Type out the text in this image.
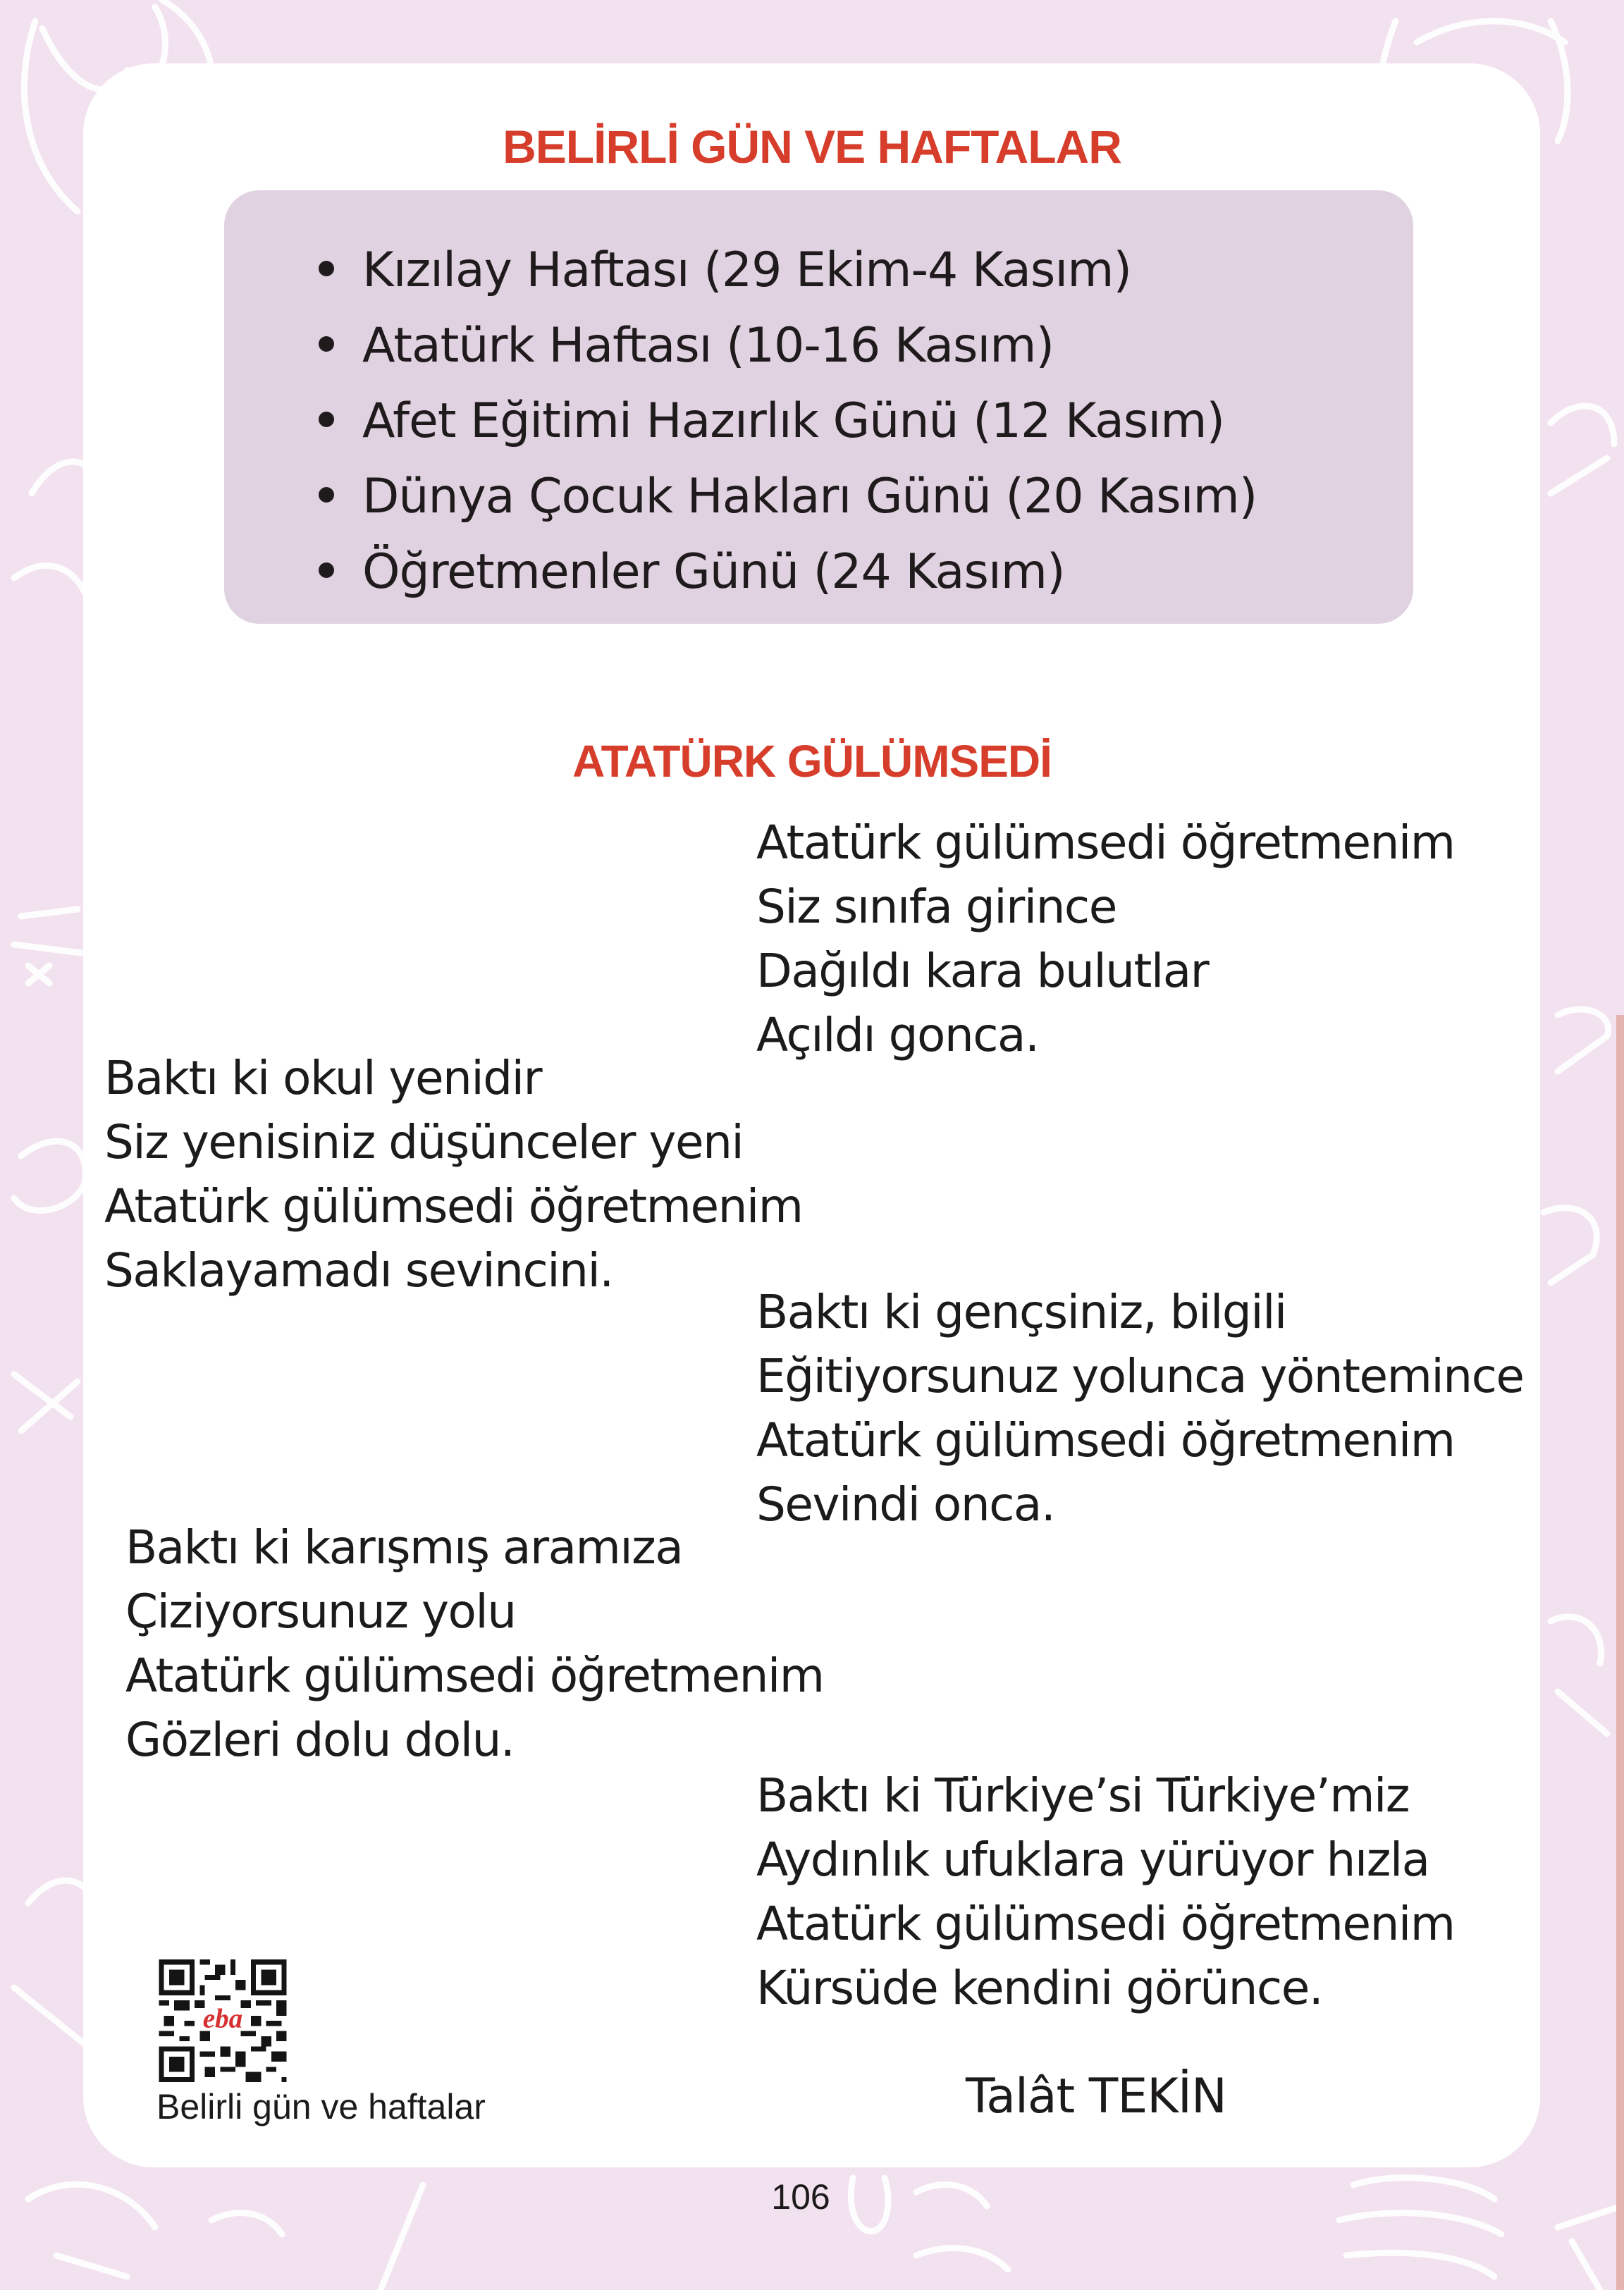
BELİRLİ GÜN VE HAFTALAR
Kızılay Haftası (29 Ekim-4 Kasım)
Atatürk Haftası (10-16 Kasım)
Afet Eğitimi Hazırlık Günü (12 Kasım)
Dünya Çocuk Hakları Günü (20 Kasım)
Öğretmenler Günü (24 Kasım)
ATATÜRK GÜLÜMSEDİ
Atatürk gülümsedi öğretmenim
Siz sınıfa girince
Dağıldı kara bulutlar
Açıldı gonca.
Baktı ki okul yenidir
Siz yenisiniz düşünceler yeni
Atatürk gülümsedi öğretmenim
Saklayamadı sevincini.
Baktı ki gençsiniz, bilgili
Eğitiyorsunuz yolunca yöntemince
Atatürk gülümsedi öğretmenim
Sevindi onca.
Baktı ki karışmış aramıza
Çiziyorsunuz yolu
Atatürk gülümsedi öğretmenim
Gözleri dolu dolu.
Baktı ki Türkiye’si Türkiye’miz
Aydınlık ufuklara yürüyor hızla
Atatürk gülümsedi öğretmenim
Kürsüde kendini görünce.
Talât TEKİN
eba
Belirli gün ve haftalar
106
